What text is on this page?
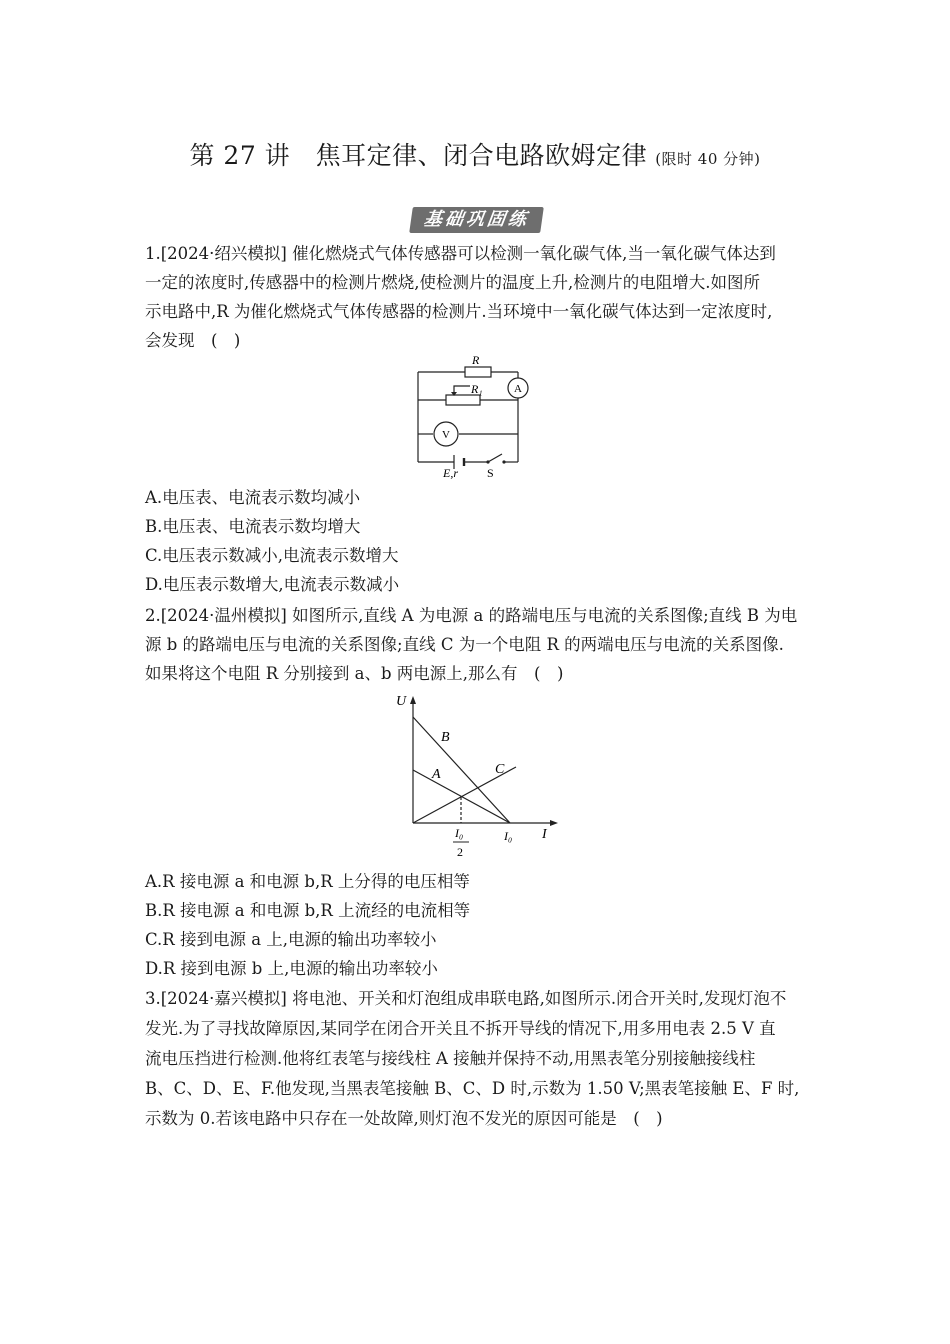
第 27 讲　焦耳定律、闭合电路欧姆定律 (限时 40 分钟)
基础巩固练
1.[2024·绍兴模拟] 催化燃烧式气体传感器可以检测一氧化碳气体,当一氧化碳气体达到
一定的浓度时,传感器中的检测片燃烧,使检测片的温度上升,检测片的电阻增大.如图所
示电路中,R 为催化燃烧式气体传感器的检测片.当环境中一氧化碳气体达到一定浓度时,
会发现　(　)
R
R₁	A
V
E,r S
A.电压表、电流表示数均减小
B.电压表、电流表示数均增大
C.电压表示数减小,电流表示数增大
D.电压表示数增大,电流表示数减小
2.[2024·温州模拟] 如图所示,直线 A 为电源 a 的路端电压与电流的关系图像;直线 B 为电
源 b 的路端电压与电流的关系图像;直线 C 为一个电阻 R 的两端电压与电流的关系图像.
如果将这个电阻 R 分别接到 a、b 两电源上,那么有　(　)
U
I
B
A	C
I₀
I₀
2
A.R 接电源 a 和电源 b,R 上分得的电压相等
B.R 接电源 a 和电源 b,R 上流经的电流相等
C.R 接到电源 a 上,电源的输出功率较小
D.R 接到电源 b 上,电源的输出功率较小
3.[2024·嘉兴模拟] 将电池、开关和灯泡组成串联电路,如图所示.闭合开关时,发现灯泡不
发光.为了寻找故障原因,某同学在闭合开关且不拆开导线的情况下,用多用电表 2.5 V 直
流电压挡进行检测.他将红表笔与接线柱 A 接触并保持不动,用黑表笔分别接触接线柱
B、C、D、E、F.他发现,当黑表笔接触 B、C、D 时,示数为 1.50 V;黑表笔接触 E、F 时,
示数为 0.若该电路中只存在一处故障,则灯泡不发光的原因可能是　(　)
